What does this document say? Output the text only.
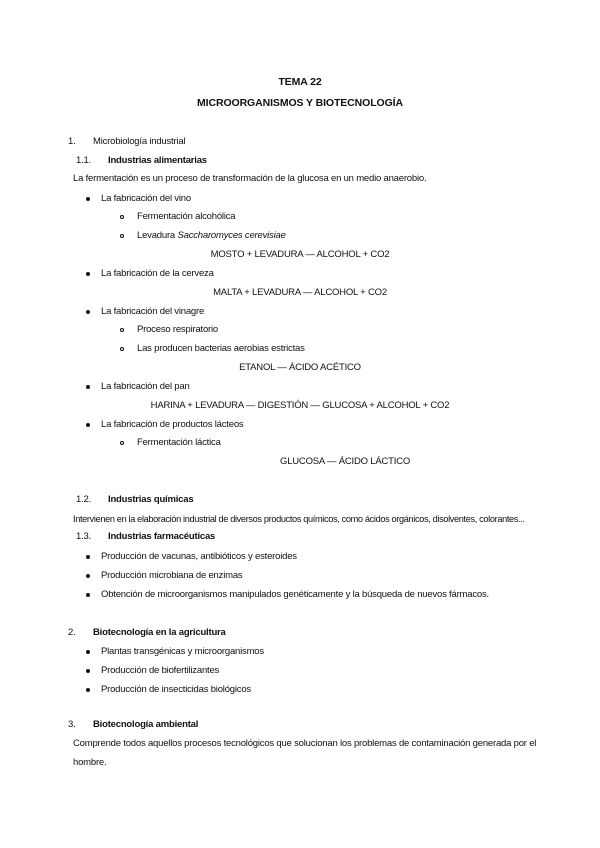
TEMA 22
MICROORGANISMOS Y BIOTECNOLOGÍA
1. Microbiología industrial
1.1. Industrias alimentarias
La fermentación es un proceso de transformación de la glucosa en un medio anaerobio.
La fabricación del vino
Fermentación alcohólica
Levadura Saccharomyces cerevisiae
MOSTO + LEVADURA — ALCOHOL + CO2
La fabricación de la cerveza
MALTA + LEVADURA — ALCOHOL + CO2
La fabricación del vinagre
Proceso respiratorio
Las producen bacterias aerobias estrictas
ETANOL — ÁCIDO ACÉTICO
La fabricación del pan
HARINA + LEVADURA — DIGESTIÓN — GLUCOSA + ALCOHOL + CO2
La fabricación de productos lácteos
Fermentación láctica
GLUCOSA — ÁCIDO LÁCTICO
1.2. Industrias químicas
Intervienen en la elaboración industrial de diversos productos químicos, como ácidos orgánicos, disolventes, colorantes...
1.3. Industrias farmacéuticas
Producción de vacunas, antibióticos y esteroides
Producción microbiana de enzimas
Obtención de microorganismos manipulados genéticamente y la búsqueda de nuevos fármacos.
2. Biotecnología en la agricultura
Plantas transgénicas y microorganismos
Producción de biofertilizantes
Producción de insecticidas biológicos
3. Biotecnología ambiental
Comprende todos aquellos procesos tecnológicos que solucionan los problemas de contaminación generada por el
hombre.
